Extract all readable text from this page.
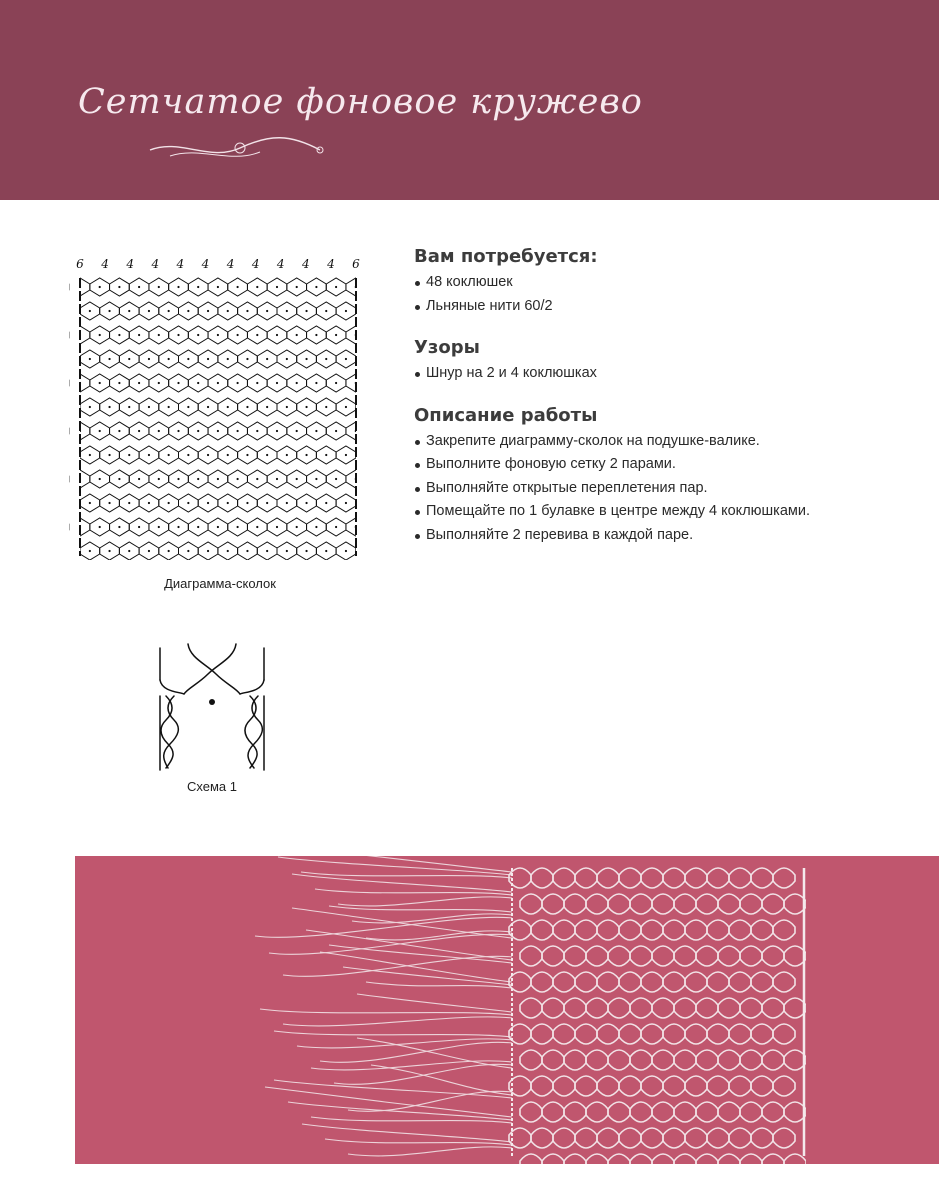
Сетчатое фоновое кружево
6 4 4 4 4 4 4 4 4 4 4 6
Диаграмма-сколок
Схема 1
Вам потребуется:
48 коклюшек
Льняные нити 60/2
Узоры
Шнур на 2 и 4 коклюшках
Описание работы
Закрепите диаграмму-сколок на подушке-валике.
Выполните фоновую сетку 2 парами.
Выполняйте открытые переплетения пар.
Помещайте по 1 булавке в центре между 4 коклюшками.
Выполняйте 2 перевива в каждой паре.
